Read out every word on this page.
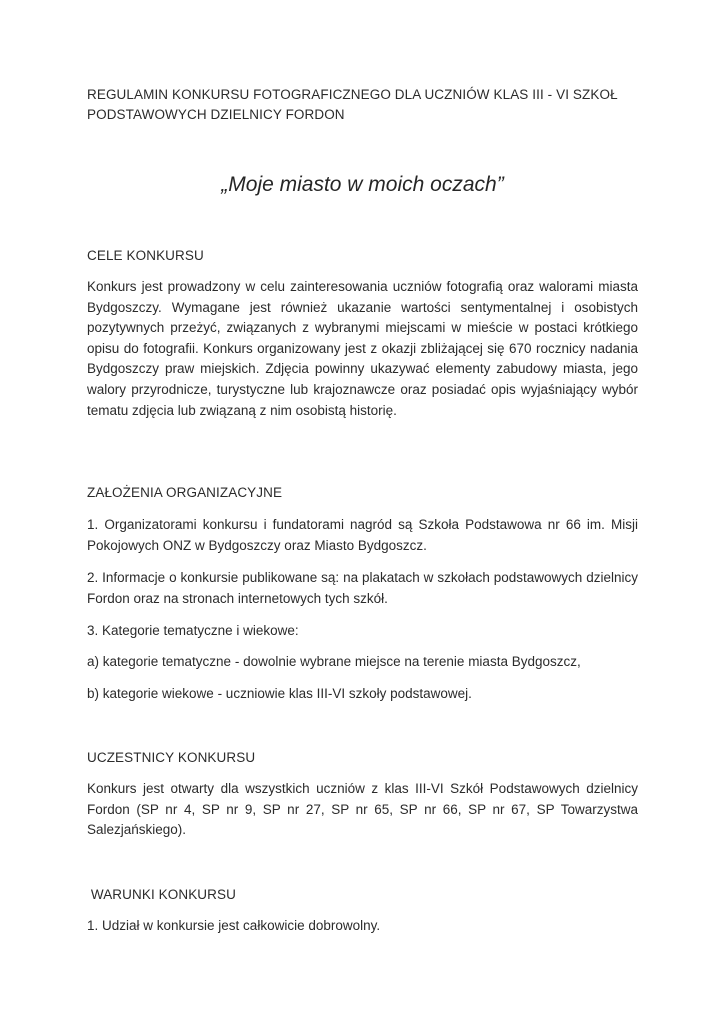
REGULAMIN KONKURSU FOTOGRAFICZNEGO DLA UCZNIÓW KLAS III - VI SZKOŁ
PODSTAWOWYCH DZIELNICY FORDON
„Moje miasto w moich oczach”
CELE KONKURSU

Konkurs jest prowadzony w celu zainteresowania uczniów fotografią oraz walorami miasta Bydgoszczy. Wymagane jest również ukazanie wartości sentymentalnej i osobistych pozytywnych przeżyć, związanych z wybranymi miejscami w mieście w postaci krótkiego opisu do fotografii. Konkurs organizowany jest z okazji zbliżającej się 670 rocznicy nadania Bydgoszczy praw miejskich. Zdjęcia powinny ukazywać elementy zabudowy miasta, jego walory przyrodnicze, turystyczne lub krajoznawcze oraz posiadać opis wyjaśniający wybór tematu zdjęcia lub związaną z nim osobistą historię.

ZAŁOŻENIA ORGANIZACYJNE

1. Organizatorami konkursu i fundatorami nagród są Szkoła Podstawowa nr 66 im. Misji Pokojowych ONZ w Bydgoszczy oraz Miasto Bydgoszcz.

2. Informacje o konkursie publikowane są: na plakatach w szkołach podstawowych dzielnicy Fordon oraz na stronach internetowych tych szkół.

3. Kategorie tematyczne i wiekowe:

a) kategorie tematyczne - dowolnie wybrane miejsce na terenie miasta Bydgoszcz,

b) kategorie wiekowe - uczniowie klas III-VI szkoły podstawowej.

UCZESTNICY KONKURSU

Konkurs jest otwarty dla wszystkich uczniów z klas III-VI Szkół Podstawowych dzielnicy Fordon (SP nr 4, SP nr 9, SP nr 27, SP nr 65, SP nr 66, SP nr 67, SP Towarzystwa Salezjańskiego).

WARUNKI KONKURSU

1. Udział w konkursie jest całkowicie dobrowolny.
